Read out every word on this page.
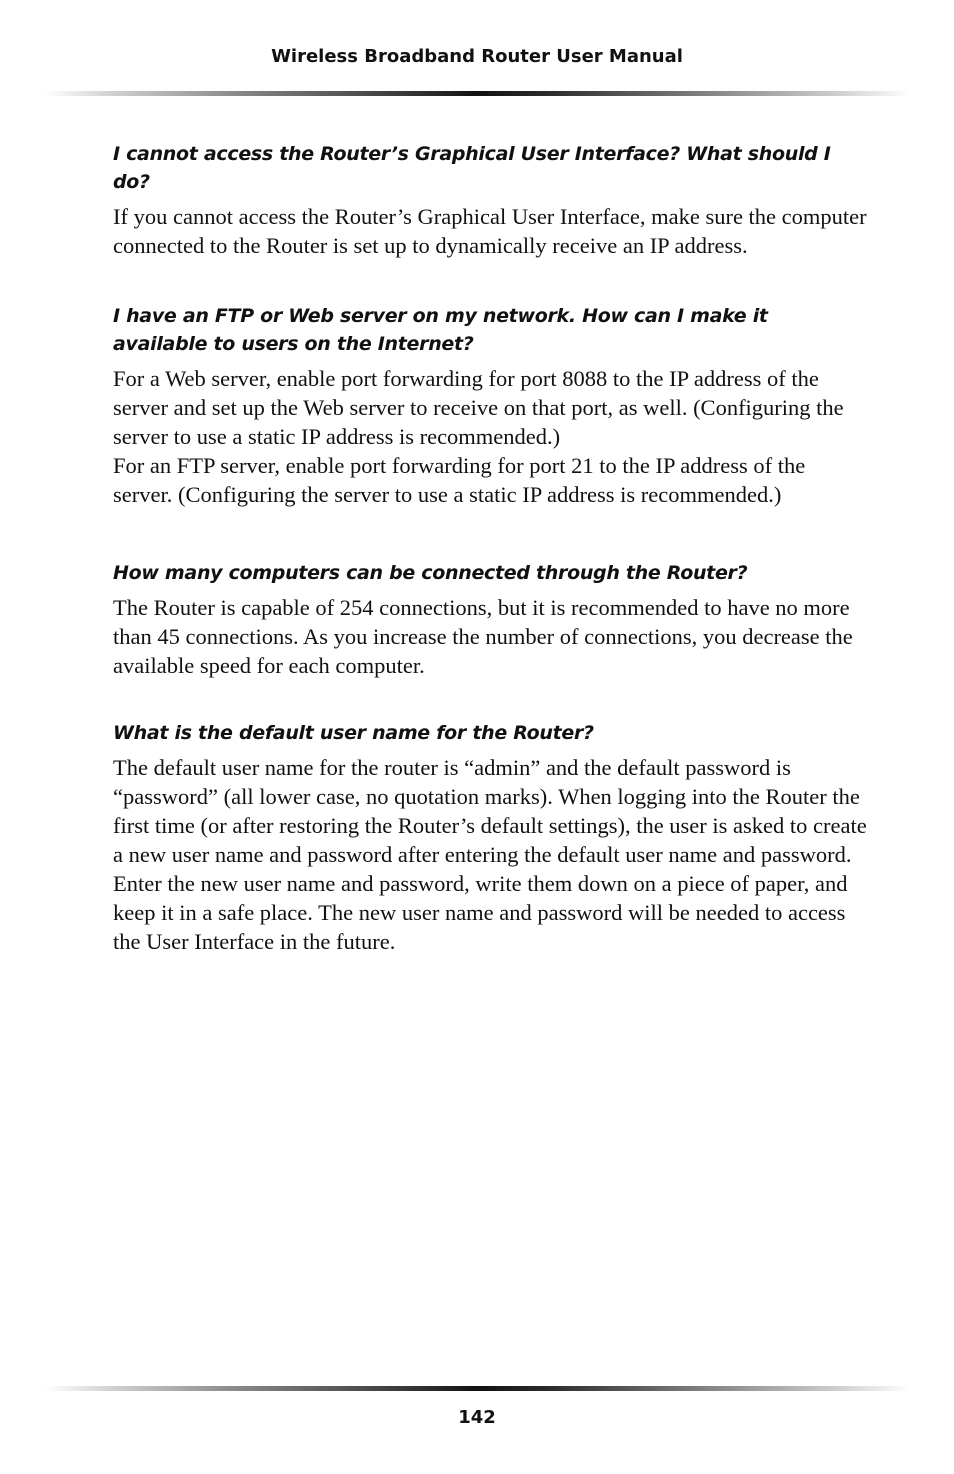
Wireless Broadband Router User Manual

I cannot access the Router’s Graphical User Interface? What should I do?

If you cannot access the Router’s Graphical User Interface, make sure the computer connected to the Router is set up to dynamically receive an IP address.

I have an FTP or Web server on my network. How can I make it available to users on the Internet?

For a Web server, enable port forwarding for port 8088 to the IP address of the server and set up the Web server to receive on that port, as well. (Configuring the server to use a static IP address is recommended.)

For an FTP server, enable port forwarding for port 21 to the IP address of the server. (Configuring the server to use a static IP address is recommended.)

How many computers can be connected through the Router?

The Router is capable of 254 connections, but it is recommended to have no more than 45 connections. As you increase the number of connections, you decrease the available speed for each computer.

What is the default user name for the Router?

The default user name for the router is “admin” and the default password is “password” (all lower case, no quotation marks). When logging into the Router the first time (or after restoring the Router’s default settings), the user is asked to create a new user name and password after entering the default user name and password. Enter the new user name and password, write them down on a piece of paper, and keep it in a safe place. The new user name and password will be needed to access the User Interface in the future.

142
